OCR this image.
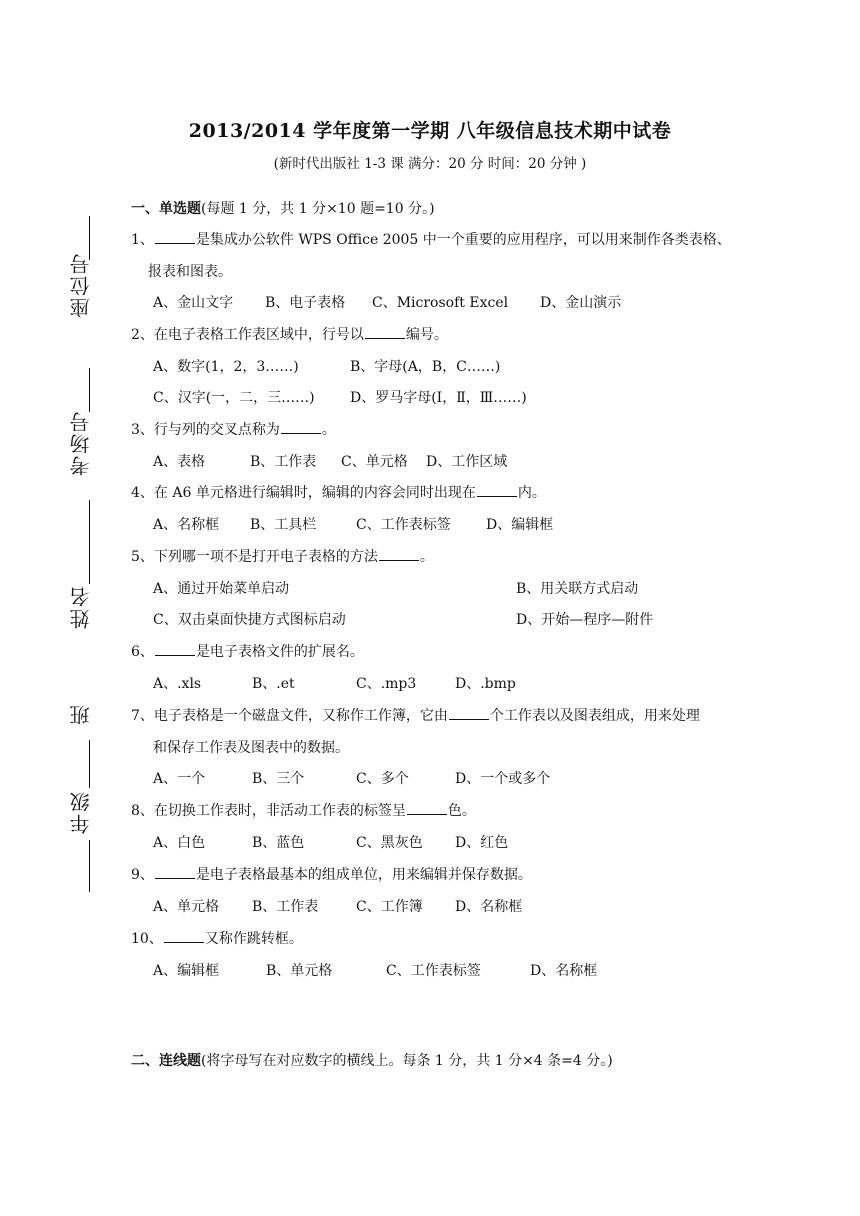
座位号
考场号
姓名
班
年级
2013/2014 学年度第一学期 八年级信息技术期中试卷
(新时代出版社 1-3 课 满分：20 分 时间：20 分钟 )
一、单选题(每题 1 分，共 1 分×10 题=10 分。)
1、	是集成办公软件 WPS Office 2005 中一个重要的应用程序，可以用来制作各类表格、
报表和图表。
A、金山文字 B、电子表格 C、Microsoft Excel D、金山演示
2、在电子表格工作表区域中，行号以	编号。
A、数字(1，2，3……)	B、字母(A，B，C……)
C、汉字(一，二，三……)	D、罗马字母(Ⅰ，Ⅱ，Ⅲ……)
3、行与列的交叉点称为	。
A、表格	B、工作表 C、单元格 D、工作区域
4、在 A6 单元格进行编辑时，编辑的内容会同时出现在	内。
A、名称框 B、工具栏	C、工作表标签	D、编辑框
5、下列哪一项不是打开电子表格的方法	。
A、通过开始菜单启动	B、用关联方式启动
C、双击桌面快捷方式图标启动	D、开始—程序—附件
6、	是电子表格文件的扩展名。
A、.xls	B、.et	C、.mp3	D、.bmp
7、电子表格是一个磁盘文件，又称作工作簿，它由	个工作表以及图表组成，用来处理
和保存工作表及图表中的数据。
A、一个	B、三个	C、多个	D、一个或多个
8、在切换工作表时，非活动工作表的标签呈	色。
A、白色	B、蓝色	C、黑灰色 D、红色
9、	是电子表格最基本的组成单位，用来编辑并保存数据。
A、单元格 B、工作表	C、工作簿 D、名称框
10、	又称作跳转框。
A、编辑框	B、单元格	C、工作表标签	D、名称框
二、连线题(将字母写在对应数字的横线上。每条 1 分，共 1 分×4 条=4 分。)
